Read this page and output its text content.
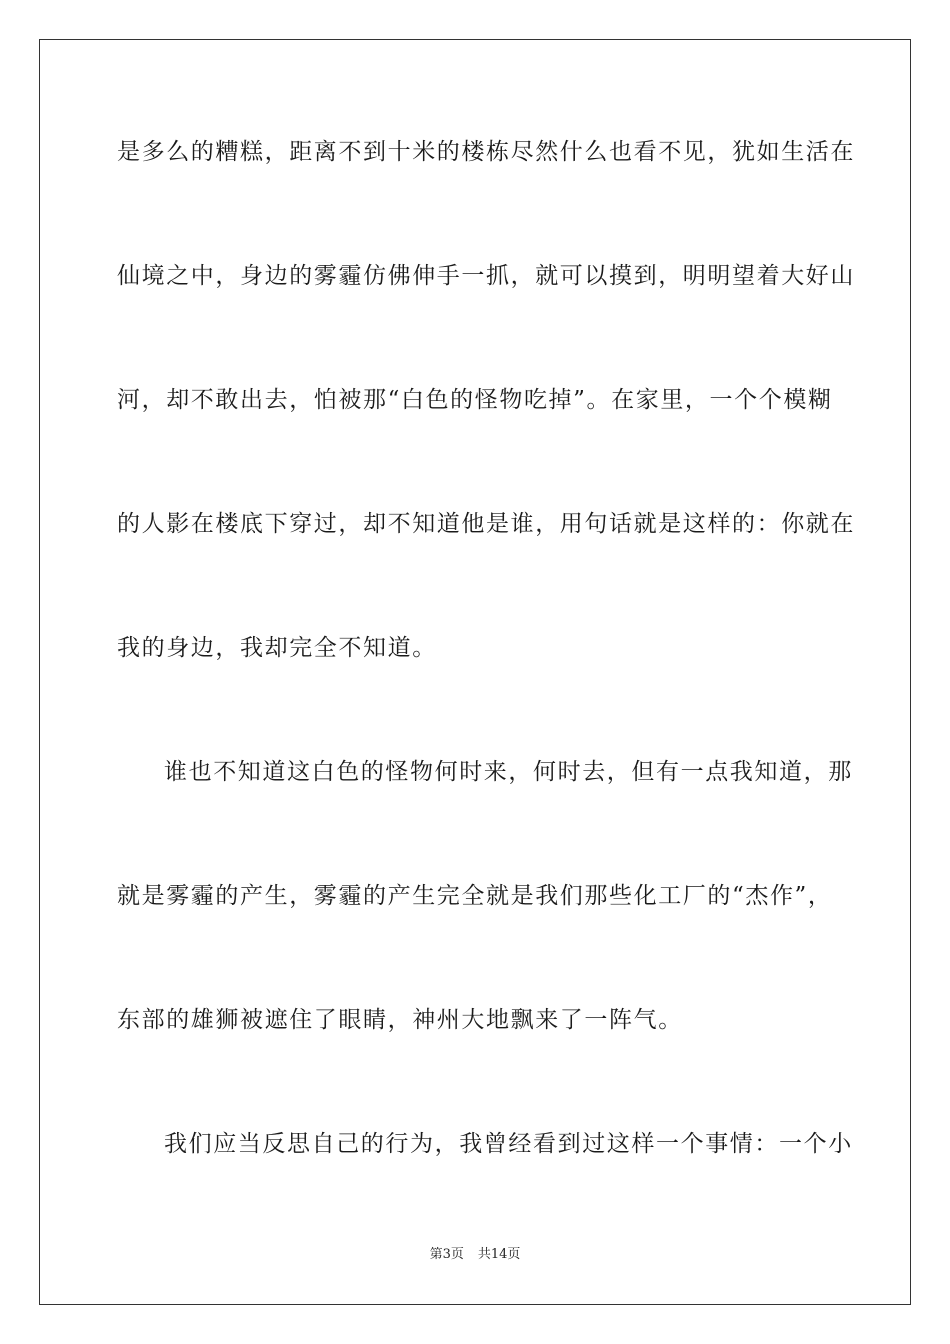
是多么的糟糕，距离不到十米的楼栋尽然什么也看不见，犹如生活在
仙境之中，身边的雾霾仿佛伸手一抓，就可以摸到，明明望着大好山
河，却不敢出去，怕被那“白色的怪物吃掉”。在家里，一个个模糊
的人影在楼底下穿过，却不知道他是谁，用句话就是这样的：你就在
我的身边，我却完全不知道。
谁也不知道这白色的怪物何时来，何时去，但有一点我知道，那
就是雾霾的产生，雾霾的产生完全就是我们那些化工厂的“杰作”，
东部的雄狮被遮住了眼睛，神州大地飘来了一阵气。
我们应当反思自己的行为，我曾经看到过这样一个事情：一个小
第3页 共14页
